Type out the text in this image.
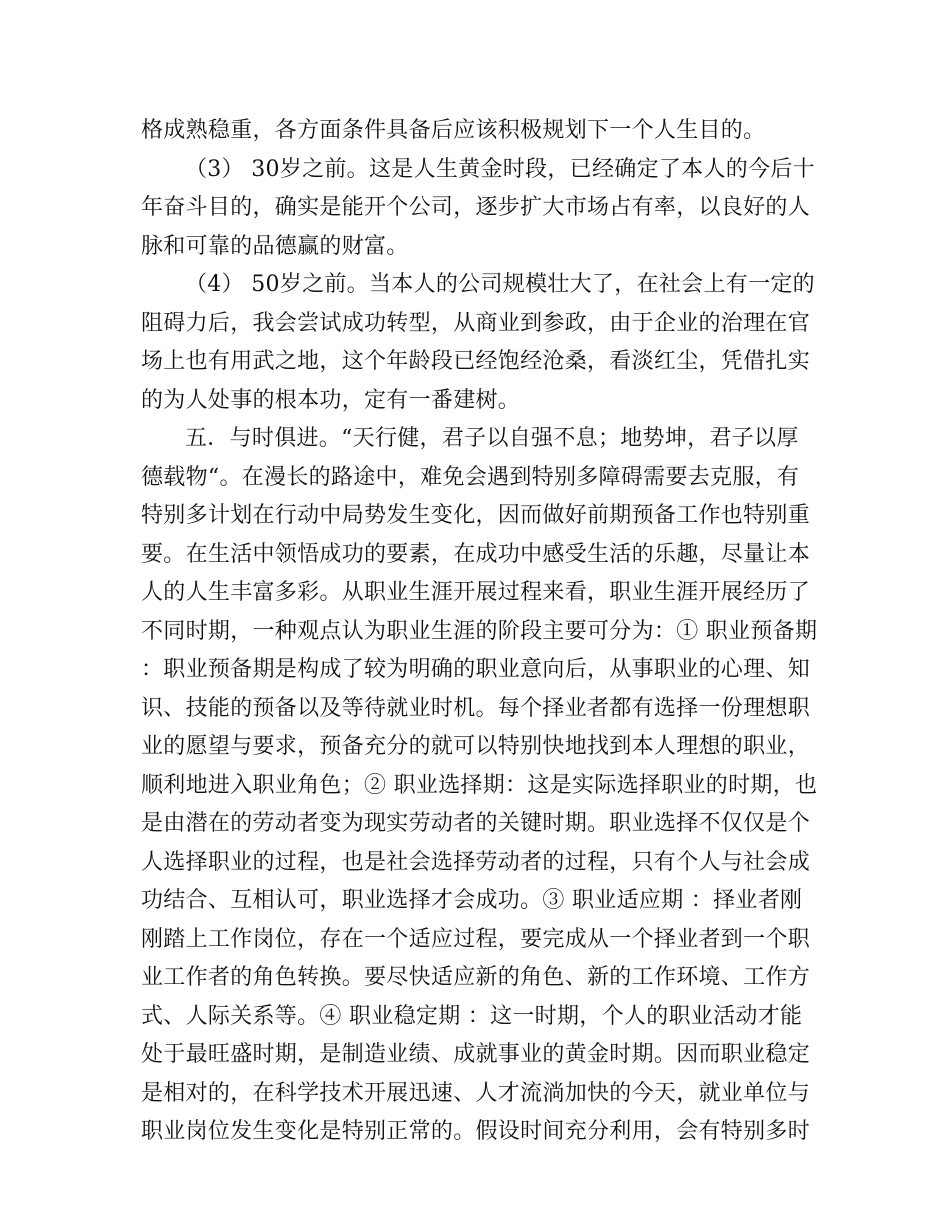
格成熟稳重，各方面条件具备后应该积极规划下一个人生目的。
（3） 30岁之前。这是人生黄金时段，已经确定了本人的今后十
年奋斗目的，确实是能开个公司，逐步扩大市场占有率，以良好的人
脉和可靠的品德赢的财富。
（4） 50岁之前。当本人的公司规模壮大了，在社会上有一定的
阻碍力后，我会尝试成功转型，从商业到参政，由于企业的治理在官
场上也有用武之地，这个年龄段已经饱经沧桑，看淡红尘，凭借扎实
的为人处事的根本功，定有一番建树。
五．与时俱进。“天行健，君子以自强不息；地势坤，君子以厚
德载物“。在漫长的路途中，难免会遇到特别多障碍需要去克服，有
特别多计划在行动中局势发生变化，因而做好前期预备工作也特别重
要。在生活中领悟成功的要素，在成功中感受生活的乐趣，尽量让本
人的人生丰富多彩。从职业生涯开展过程来看，职业生涯开展经历了
不同时期，一种观点认为职业生涯的阶段主要可分为：① 职业预备期
：职业预备期是构成了较为明确的职业意向后，从事职业的心理、知
识、技能的预备以及等待就业时机。每个择业者都有选择一份理想职
业的愿望与要求，预备充分的就可以特别快地找到本人理想的职业，
顺利地进入职业角色；② 职业选择期：这是实际选择职业的时期，也
是由潜在的劳动者变为现实劳动者的关键时期。职业选择不仅仅是个
人选择职业的过程，也是社会选择劳动者的过程，只有个人与社会成
功结合、互相认可，职业选择才会成功。③ 职业适应期 ：择业者刚
刚踏上工作岗位，存在一个适应过程，要完成从一个择业者到一个职
业工作者的角色转换。要尽快适应新的角色、新的工作环境、工作方
式、人际关系等。④ 职业稳定期 ：这一时期，个人的职业活动才能
处于最旺盛时期，是制造业绩、成就事业的黄金时期。因而职业稳定
是相对的，在科学技术开展迅速、人才流淌加快的今天，就业单位与
职业岗位发生变化是特别正常的。假设时间充分利用，会有特别多时
